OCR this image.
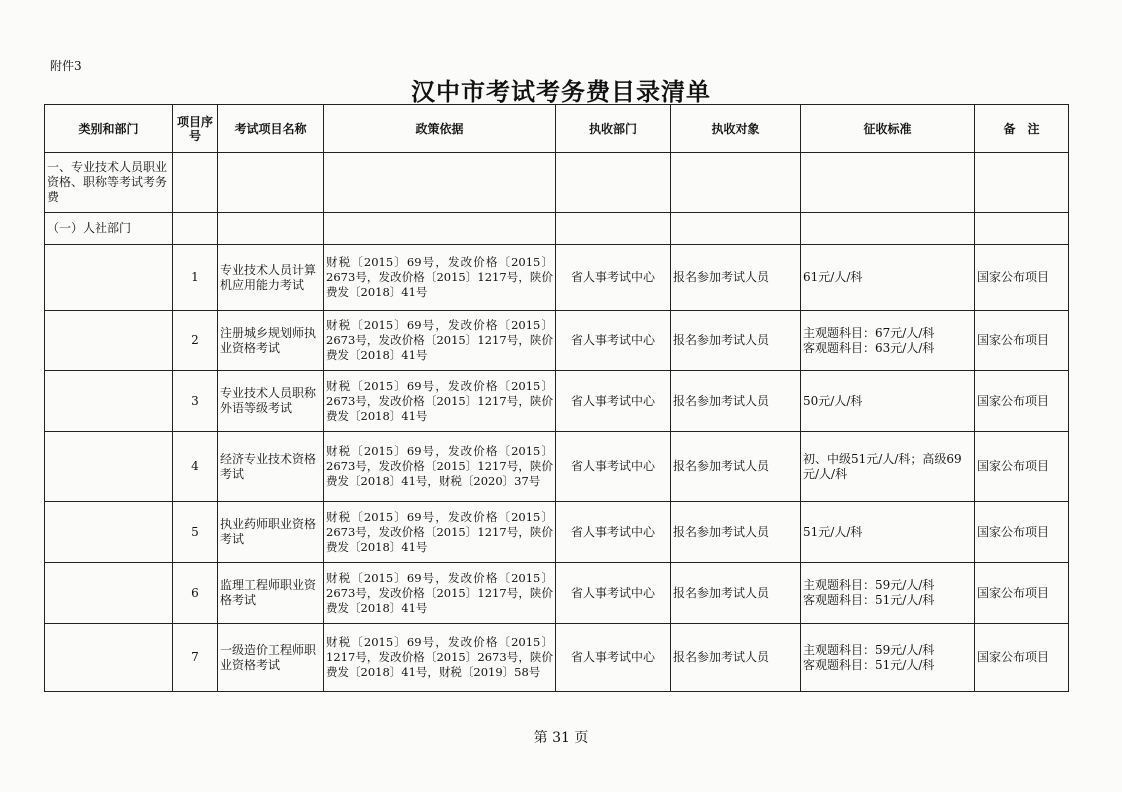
附件3
汉中市考试考务费目录清单
类别和部门	项目序号	考试项目名称	政策依据	执收部门	执收对象	征收标准	备　注
一、专业技术人员职业资格、职称等考试考务费							
（一）人社部门							
	1	专业技术人员计算机应用能力考试	财税〔2015〕69号，发改价格〔2015〕2673号，发改价格〔2015〕1217号，陕价费发〔2018〕41号	省人事考试中心	报名参加考试人员	61元/人/科	国家公布项目
	2	注册城乡规划师执业资格考试	财税〔2015〕69号，发改价格〔2015〕2673号，发改价格〔2015〕1217号，陕价费发〔2018〕41号	省人事考试中心	报名参加考试人员	主观题科目：67元/人/科
客观题科目：63元/人/科	国家公布项目
	3	专业技术人员职称外语等级考试	财税〔2015〕69号，发改价格〔2015〕2673号，发改价格〔2015〕1217号，陕价费发〔2018〕41号	省人事考试中心	报名参加考试人员	50元/人/科	国家公布项目
	4	经济专业技术资格考试	财税〔2015〕69号，发改价格〔2015〕2673号，发改价格〔2015〕1217号，陕价费发〔2018〕41号，财税〔2020〕37号	省人事考试中心	报名参加考试人员	初、中级51元/人/科；高级69元/人/科	国家公布项目
	5	执业药师职业资格考试	财税〔2015〕69号，发改价格〔2015〕2673号，发改价格〔2015〕1217号，陕价费发〔2018〕41号	省人事考试中心	报名参加考试人员	51元/人/科	国家公布项目
	6	监理工程师职业资格考试	财税〔2015〕69号，发改价格〔2015〕2673号，发改价格〔2015〕1217号，陕价费发〔2018〕41号	省人事考试中心	报名参加考试人员	主观题科目：59元/人/科
客观题科目：51元/人/科	国家公布项目
	7	一级造价工程师职业资格考试	财税〔2015〕69号，发改价格〔2015〕1217号，发改价格〔2015〕2673号，陕价费发〔2018〕41号，财税〔2019〕58号	省人事考试中心	报名参加考试人员	主观题科目：59元/人/科
客观题科目：51元/人/科	国家公布项目
第 31 页
